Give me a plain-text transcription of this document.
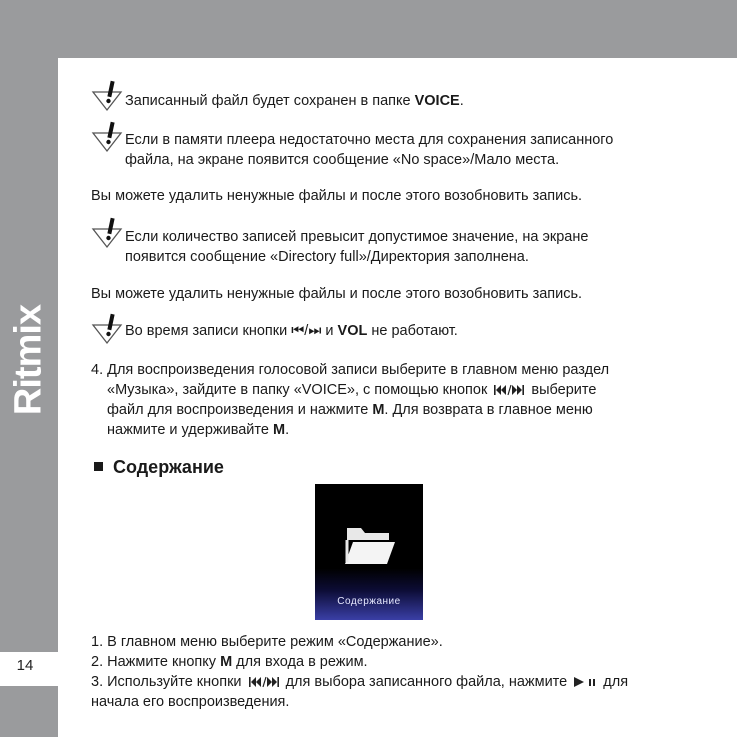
14
Ritmix
Записанный файл будет сохранен в папке VOICE.
Если в памяти плеера недостаточно места для сохранения записанного
файла, на экране появится сообщение «No space»/Мало места.
Вы можете удалить ненужные файлы и после этого возобновить запись.
Если количество записей превысит допустимое значение, на экране
появится сообщение «Directory full»/Директория заполнена.
Вы можете удалить ненужные файлы и после этого возобновить запись.
Во время записи кнопки ⏮/⏭ и VOL не работают.
4. Для воспроизведения голосовой записи выберите в главном меню раздел
«Музыка», зайдите в папку «VOICE», с помощью кнопок	выберите
файл для воспроизведения и нажмите M. Для возврата в главное меню
нажмите и удерживайте M.
Содержание
Содержание
1. В главном меню выберите режим «Содержание».
2. Нажмите кнопку M для входа в режим.
3. Используйте кнопки	для выбора записанного файла, нажмите  для
начала его воспроизведения.
